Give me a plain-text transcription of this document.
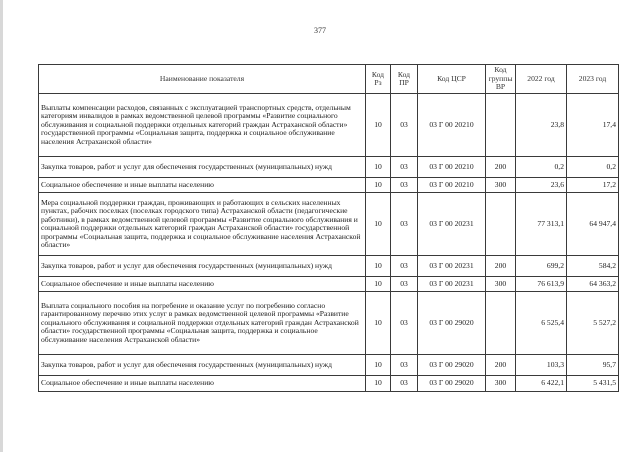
377
Наименование показателя	Код Рз	Код ПР	Код ЦСР	Код группы ВР	2022 год	2023 год
Выплаты компенсации расходов, связанных с эксплуатацией транспортных средств, отдельным категориям инвалидов в рамках ведомственной целевой программы «Развитие социального обслуживания и социальной поддержки отдельных категорий граждан Астраханской области» государственной программы «Социальная защита, поддержка и социальное обслуживание населения Астраханской области»	10	03	03 Г 00 20210		23,8	17,4
Закупка товаров, работ и услуг для обеспечения государственных (муниципальных) нужд	10	03	03 Г 00 20210	200	0,2	0,2
Социальное обеспечение и иные выплаты населению	10	03	03 Г 00 20210	300	23,6	17,2
Мера социальной поддержки граждан, проживающих и работающих в сельских населенных пунктах, рабочих поселках (поселках городского типа) Астраханской области (педагогические работники), в рамках ведомственной целевой программы «Развитие социального обслуживания и социальной поддержки отдельных категорий граждан Астраханской области» государственной программы «Социальная защита, поддержка и социальное обслуживание населения Астраханской области»	10	03	03 Г 00 20231		77 313,1	64 947,4
Закупка товаров, работ и услуг для обеспечения государственных (муниципальных) нужд	10	03	03 Г 00 20231	200	699,2	584,2
Социальное обеспечение и иные выплаты населению	10	03	03 Г 00 20231	300	76 613,9	64 363,2
Выплата социального пособия на погребение и оказание услуг по погребению согласно гарантированному перечню этих услуг в рамках ведомственной целевой программы «Развитие социального обслуживания и социальной поддержки отдельных категорий граждан Астраханской области» государственной программы «Социальная защита, поддержка и социальное обслуживание населения Астраханской области»	10	03	03 Г 00 29020		6 525,4	5 527,2
Закупка товаров, работ и услуг для обеспечения государственных (муниципальных) нужд	10	03	03 Г 00 29020	200	103,3	95,7
Социальное обеспечение и иные выплаты населению	10	03	03 Г 00 29020	300	6 422,1	5 431,5
